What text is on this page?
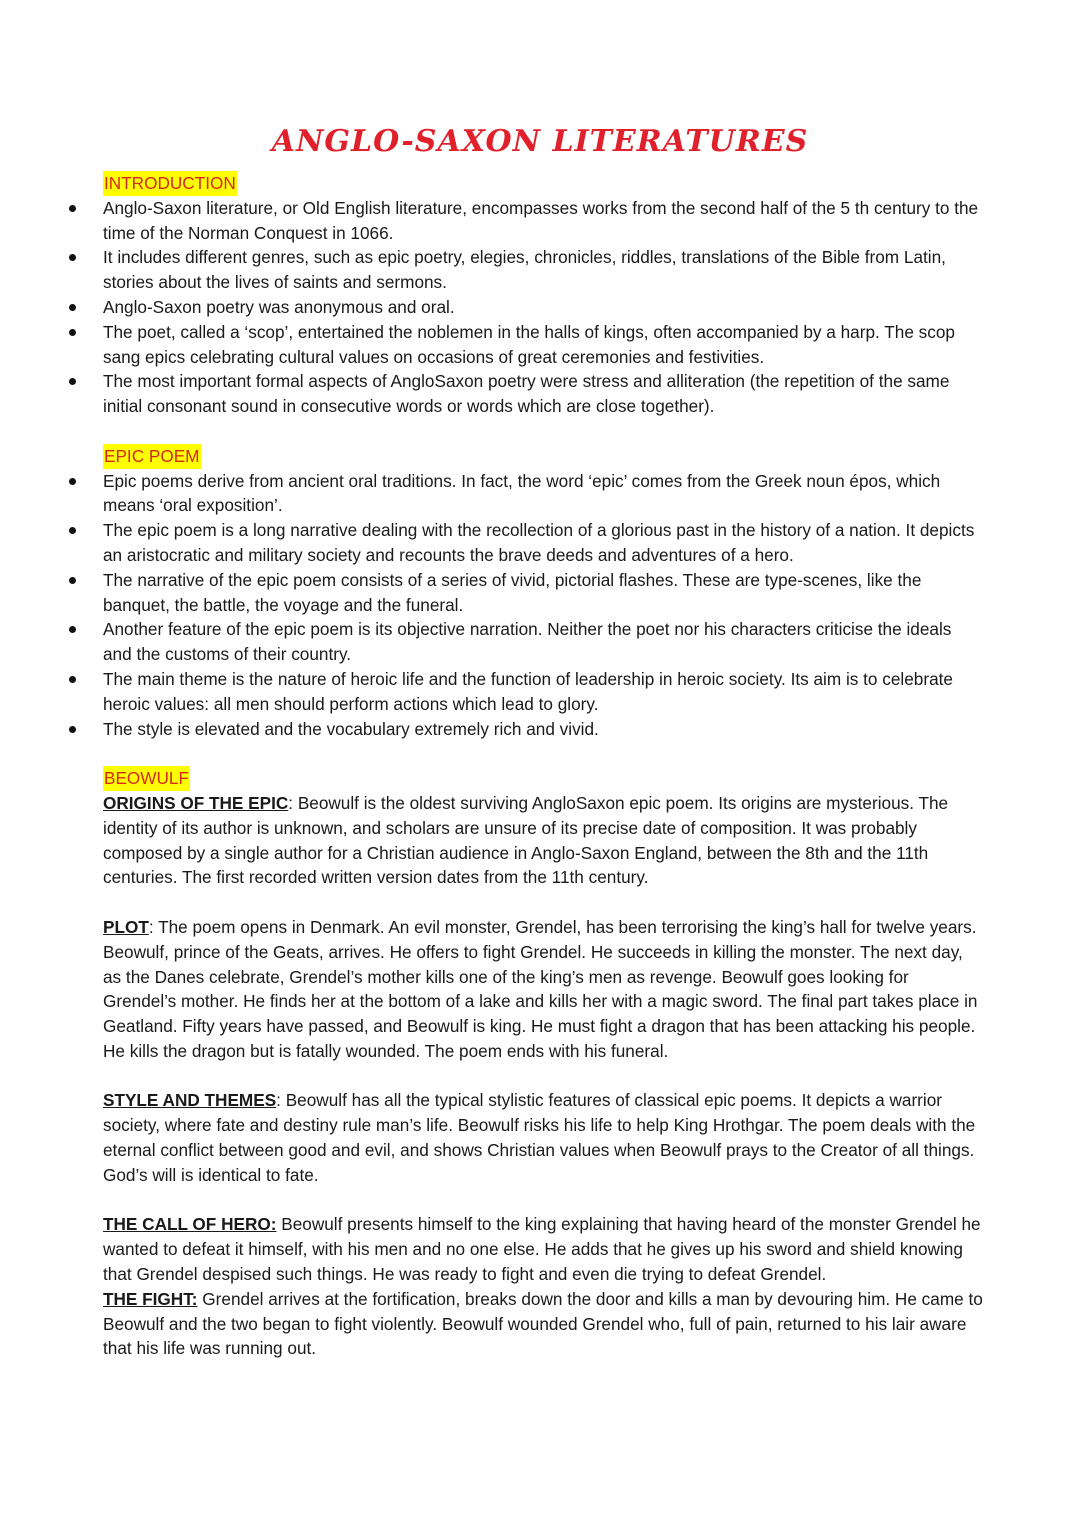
ANGLO-SAXON LITERATURES
INTRODUCTION
Anglo-Saxon literature, or Old English literature, encompasses works from the second half of the 5 th century to the time of the Norman Conquest in 1066.
It includes different genres, such as epic poetry, elegies, chronicles, riddles, translations of the Bible from Latin, stories about the lives of saints and sermons.
Anglo-Saxon poetry was anonymous and oral.
The poet, called a ‘scop’, entertained the noblemen in the halls of kings, often accompanied by a harp. The scop sang epics celebrating cultural values on occasions of great ceremonies and festivities.
The most important formal aspects of AngloSaxon poetry were stress and alliteration (the repetition of the same initial consonant sound in consecutive words or words which are close together).
EPIC POEM
Epic poems derive from ancient oral traditions. In fact, the word ‘epic’ comes from the Greek noun épos, which means ‘oral exposition’.
The epic poem is a long narrative dealing with the recollection of a glorious past in the history of a nation. It depicts an aristocratic and military society and recounts the brave deeds and adventures of a hero.
The narrative of the epic poem consists of a series of vivid, pictorial flashes. These are type-scenes, like the banquet, the battle, the voyage and the funeral.
Another feature of the epic poem is its objective narration. Neither the poet nor his characters criticise the ideals and the customs of their country.
The main theme is the nature of heroic life and the function of leadership in heroic society. Its aim is to celebrate heroic values: all men should perform actions which lead to glory.
The style is elevated and the vocabulary extremely rich and vivid.
BEOWULF

ORIGINS OF THE EPIC: Beowulf is the oldest surviving AngloSaxon epic poem. Its origins are mysterious. The identity of its author is unknown, and scholars are unsure of its precise date of composition. It was probably composed by a single author for a Christian audience in Anglo-Saxon England, between the 8th and the 11th centuries. The first recorded written version dates from the 11th century.

PLOT: The poem opens in Denmark. An evil monster, Grendel, has been terrorising the king’s hall for twelve years. Beowulf, prince of the Geats, arrives. He offers to fight Grendel. He succeeds in killing the monster. The next day, as the Danes celebrate, Grendel’s mother kills one of the king’s men as revenge. Beowulf goes looking for Grendel’s mother. He finds her at the bottom of a lake and kills her with a magic sword. The final part takes place in Geatland. Fifty years have passed, and Beowulf is king. He must fight a dragon that has been attacking his people. He kills the dragon but is fatally wounded. The poem ends with his funeral.

STYLE AND THEMES: Beowulf has all the typical stylistic features of classical epic poems. It depicts a warrior society, where fate and destiny rule man’s life. Beowulf risks his life to help King Hrothgar. The poem deals with the eternal conflict between good and evil, and shows Christian values when Beowulf prays to the Creator of all things. God’s will is identical to fate.

THE CALL OF HERO: Beowulf presents himself to the king explaining that having heard of the monster Grendel he wanted to defeat it himself, with his men and no one else. He adds that he gives up his sword and shield knowing that Grendel despised such things. He was ready to fight and even die trying to defeat Grendel.

THE FIGHT: Grendel arrives at the fortification, breaks down the door and kills a man by devouring him. He came to Beowulf and the two began to fight violently. Beowulf wounded Grendel who, full of pain, returned to his lair aware that his life was running out.
